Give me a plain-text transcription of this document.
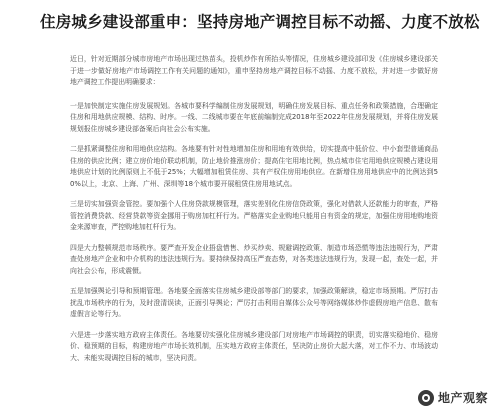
住房城乡建设部重申：坚持房地产调控目标不动摇、力度不放松

近日，针对近期部分城市房地产市场出现过热苗头，投机炒作有所抬头等情况，住房城乡建设部印发《住房城乡建设部关于进一步做好房地产市场调控工作有关问题的通知》，重申坚持房地产调控目标不动摇、力度不放松，并对进一步做好房地产调控工作提出明确要求：

一是加快制定实施住房发展规划。各城市要科学编制住房发展规划，明确住房发展目标、重点任务和政策措施，合理确定住房和用地供应规模、结构、时序。一线、二线城市要在年底前编制完成2018年至2022年住房发展规划，并将住房发展规划报住房城乡建设部备案后向社会公布实施。

二是抓紧调整住房和用地供应结构。各地要有针对性地增加住房和用地有效供给，切实提高中低价位、中小套型普通商品住房的供应比例；建立房价地价联动机制，防止地价推涨房价；提高住宅用地比例，热点城市住宅用地供应规模占建设用地供应计划的比例原则上不低于25%；大幅增加租赁住房、共有产权住房用地供应。在新增住房用地供应中的比例达到50%以上，北京、上海、广州、深圳等18个城市要开展租赁住房用地试点。

三是切实加强资金管控。要加强个人住房贷款规模管理，落实差别化住房信贷政策，强化对借款人还款能力的审查，严格管控消费贷款、经营贷款等资金挪用于购房加杠杆行为。严格落实企业购地只能用自有资金的规定，加强住房用地购地资金来源审查，严控购地加杠杆行为。

四是大力整顿规范市场秩序。要严查开发企业捂盘惜售、炒买炒卖、规避调控政策、制造市场恐慌等违法违规行为，严肃查处房地产企业和中介机构的违法违规行为。要持续保持高压严查态势，对各类违法违规行为，发现一起，查处一起，并向社会公布，形成震慑。

五是加强舆论引导和预期管理。各地要全面落实住房城乡建设部等部门的要求，加强政策解读，稳定市场预期。严厉打击扰乱市场秩序的行为，及时澄清误读，正面引导舆论；严厉打击利用自媒体公众号等网络媒体炒作虚假房地产信息、散布虚假言论等行为。

六是进一步落实地方政府主体责任。各地要切实强化住房城乡建设部门对房地产市场调控的职责，切实落实稳地价、稳房价、稳预期的目标，构建房地产市场长效机制，压实地方政府主体责任，坚决防止房价大起大落，对工作不力、市场波动大、未能实现调控目标的城市，坚决问责。

地产观察
